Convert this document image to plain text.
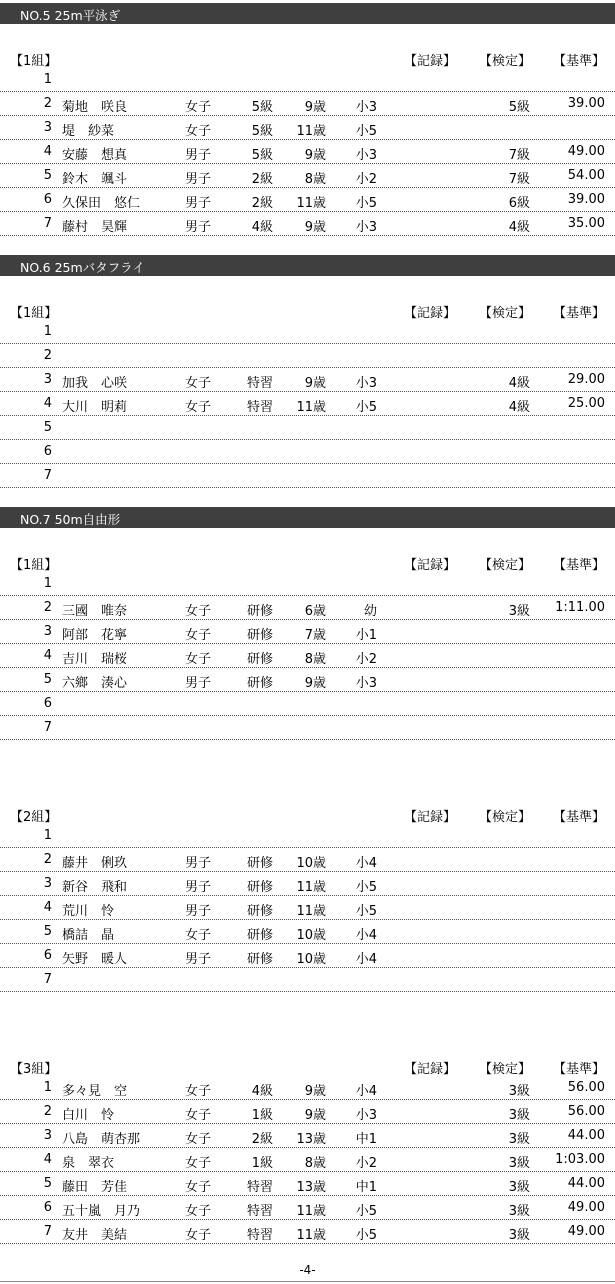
NO.5 25m平泳ぎ
【1組】	【記録】 【検定】 【基準】
1
2 菊地　咲良	女子	5級	9歳	小3	5級	39.00
3 堤　紗菜	女子	5級	11歳	小5
4 安藤　想真	男子	5級	9歳	小3	7級	49.00
5 鈴木　颯斗	男子	2級	8歳	小2	7級	54.00
6 久保田　悠仁	男子	2級	11歳	小5	6級	39.00
7 藤村　昊輝	男子	4級	9歳	小3	4級	35.00
NO.6 25mバタフライ
【1組】	【記録】 【検定】 【基準】
1
2
3 加我　心咲	女子	特習	9歳	小3	4級	29.00
4 大川　明莉	女子	特習	11歳	小5	4級	25.00
5
6
7
NO.7 50m自由形
【1組】	【記録】 【検定】 【基準】
1
2 三國　唯奈	女子	研修	6歳	幼	3級	1:11.00
3 阿部　花寧	女子	研修	7歳	小1
4 吉川　瑞桜	女子	研修	8歳	小2
5 六鄉　湊心	男子	研修	9歳	小3
6
7
【2組】	【記録】 【検定】 【基準】
1
2 藤井　俐玖	男子	研修	10歳	小4
3 新谷　飛和	男子	研修	11歳	小5
4 荒川　怜	男子	研修	11歳	小5
5 橋詰　晶	女子	研修	10歳	小4
6 矢野　暖人	男子	研修	10歳	小4
7
【3組】	【記録】 【検定】 【基準】
1 多々見　空	女子	4級	9歳	小4	3級	56.00
2 白川　怜	女子	1級	9歳	小3	3級	56.00
3 八島　萌杏那	女子	2級	13歳	中1	3級	44.00
4 泉　翠衣	女子	1級	8歳	小2	3級	1:03.00
5 藤田　芳佳	女子	特習	13歳	中1	3級	44.00
6 五十嵐　月乃	女子	特習	11歳	小5	3級	49.00
7 友井　美結	女子	特習	11歳	小5	3級	49.00
-4-
